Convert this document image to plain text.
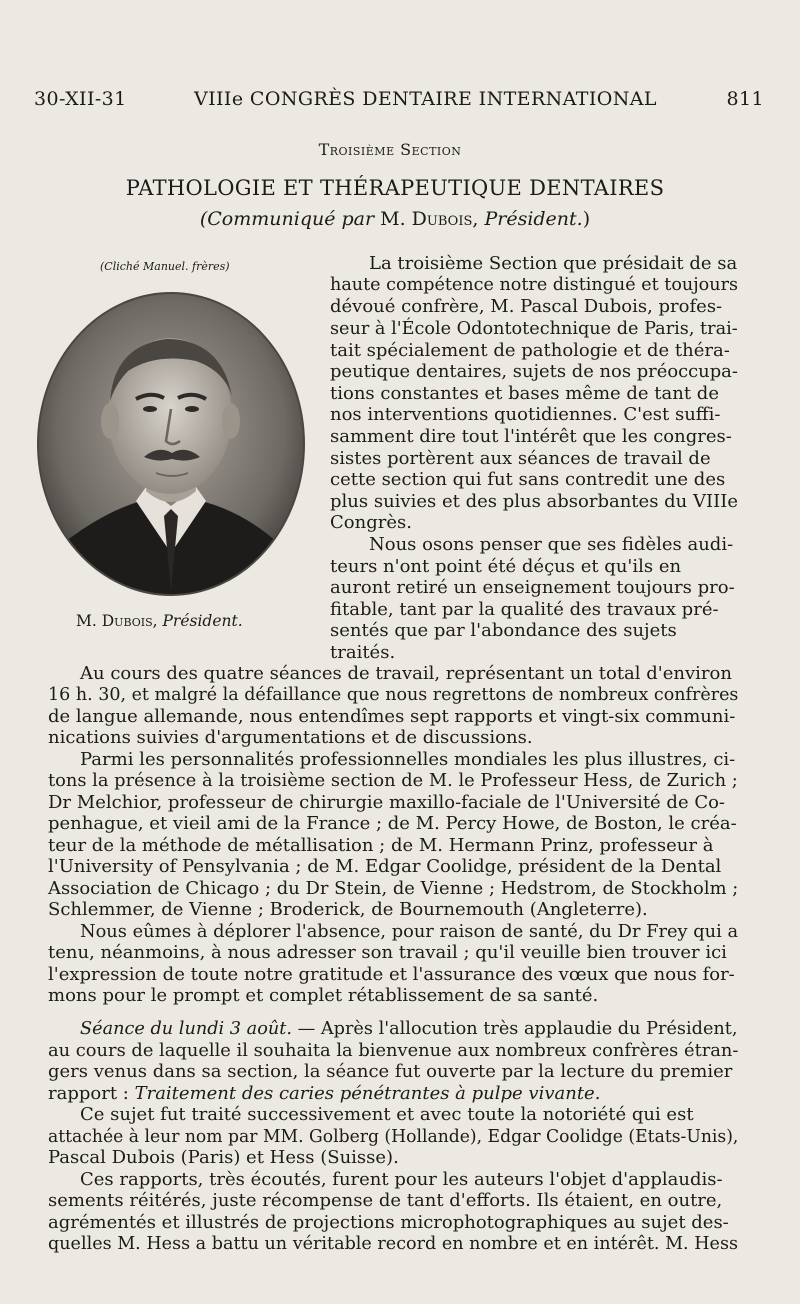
30-XII-31	VIIIe CONGRÈS DENTAIRE INTERNATIONAL	811
Troisième Section
PATHOLOGIE ET THÉRAPEUTIQUE DENTAIRES
(Communiqué par M. Dubois, Président.)
(Cliché Manuel. frères)
M. Dubois, Président.
La troisième Section que présidait de sa
haute compétence notre distingué et toujours
dévoué confrère, M. Pascal Dubois, profes-
seur à l'École Odontotechnique de Paris, trai-
tait spécialement de pathologie et de théra-
peutique dentaires, sujets de nos préoccupa-
tions constantes et bases même de tant de
nos interventions quotidiennes. C'est suffi-
samment dire tout l'intérêt que les congres-
sistes portèrent aux séances de travail de
cette section qui fut sans contredit une des
plus suivies et des plus absorbantes du VIIIe
Congrès.
Nous osons penser que ses fidèles audi-
teurs n'ont point été déçus et qu'ils en
auront retiré un enseignement toujours pro-
fitable, tant par la qualité des travaux pré-
sentés que par l'abondance des sujets
traités.
Au cours des quatre séances de travail, représentant un total d'environ
16 h. 30, et malgré la défaillance que nous regrettons de nombreux confrères
de langue allemande, nous entendîmes sept rapports et vingt-six communi-
nications suivies d'argumentations et de discussions.
Parmi les personnalités professionnelles mondiales les plus illustres, ci-
tons la présence à la troisième section de M. le Professeur Hess, de Zurich ;
Dr Melchior, professeur de chirurgie maxillo-faciale de l'Université de Co-
penhague, et vieil ami de la France ; de M. Percy Howe, de Boston, le créa-
teur de la méthode de métallisation ; de M. Hermann Prinz, professeur à
l'University of Pensylvania ; de M. Edgar Coolidge, président de la Dental
Association de Chicago ; du Dr Stein, de Vienne ; Hedstrom, de Stockholm ;
Schlemmer, de Vienne ; Broderick, de Bournemouth (Angleterre).
Nous eûmes à déplorer l'absence, pour raison de santé, du Dr Frey qui a
tenu, néanmoins, à nous adresser son travail ; qu'il veuille bien trouver ici
l'expression de toute notre gratitude et l'assurance des vœux que nous for-
mons pour le prompt et complet rétablissement de sa santé.
Séance du lundi 3 août. — Après l'allocution très applaudie du Président,
au cours de laquelle il souhaita la bienvenue aux nombreux confrères étran-
gers venus dans sa section, la séance fut ouverte par la lecture du premier
rapport : Traitement des caries pénétrantes à pulpe vivante.
Ce sujet fut traité successivement et avec toute la notoriété qui est
attachée à leur nom par MM. Golberg (Hollande), Edgar Coolidge (Etats-Unis),
Pascal Dubois (Paris) et Hess (Suisse).
Ces rapports, très écoutés, furent pour les auteurs l'objet d'applaudis-
sements réitérés, juste récompense de tant d'efforts. Ils étaient, en outre,
agrémentés et illustrés de projections microphotographiques au sujet des-
quelles M. Hess a battu un véritable record en nombre et en intérêt. M. Hess
